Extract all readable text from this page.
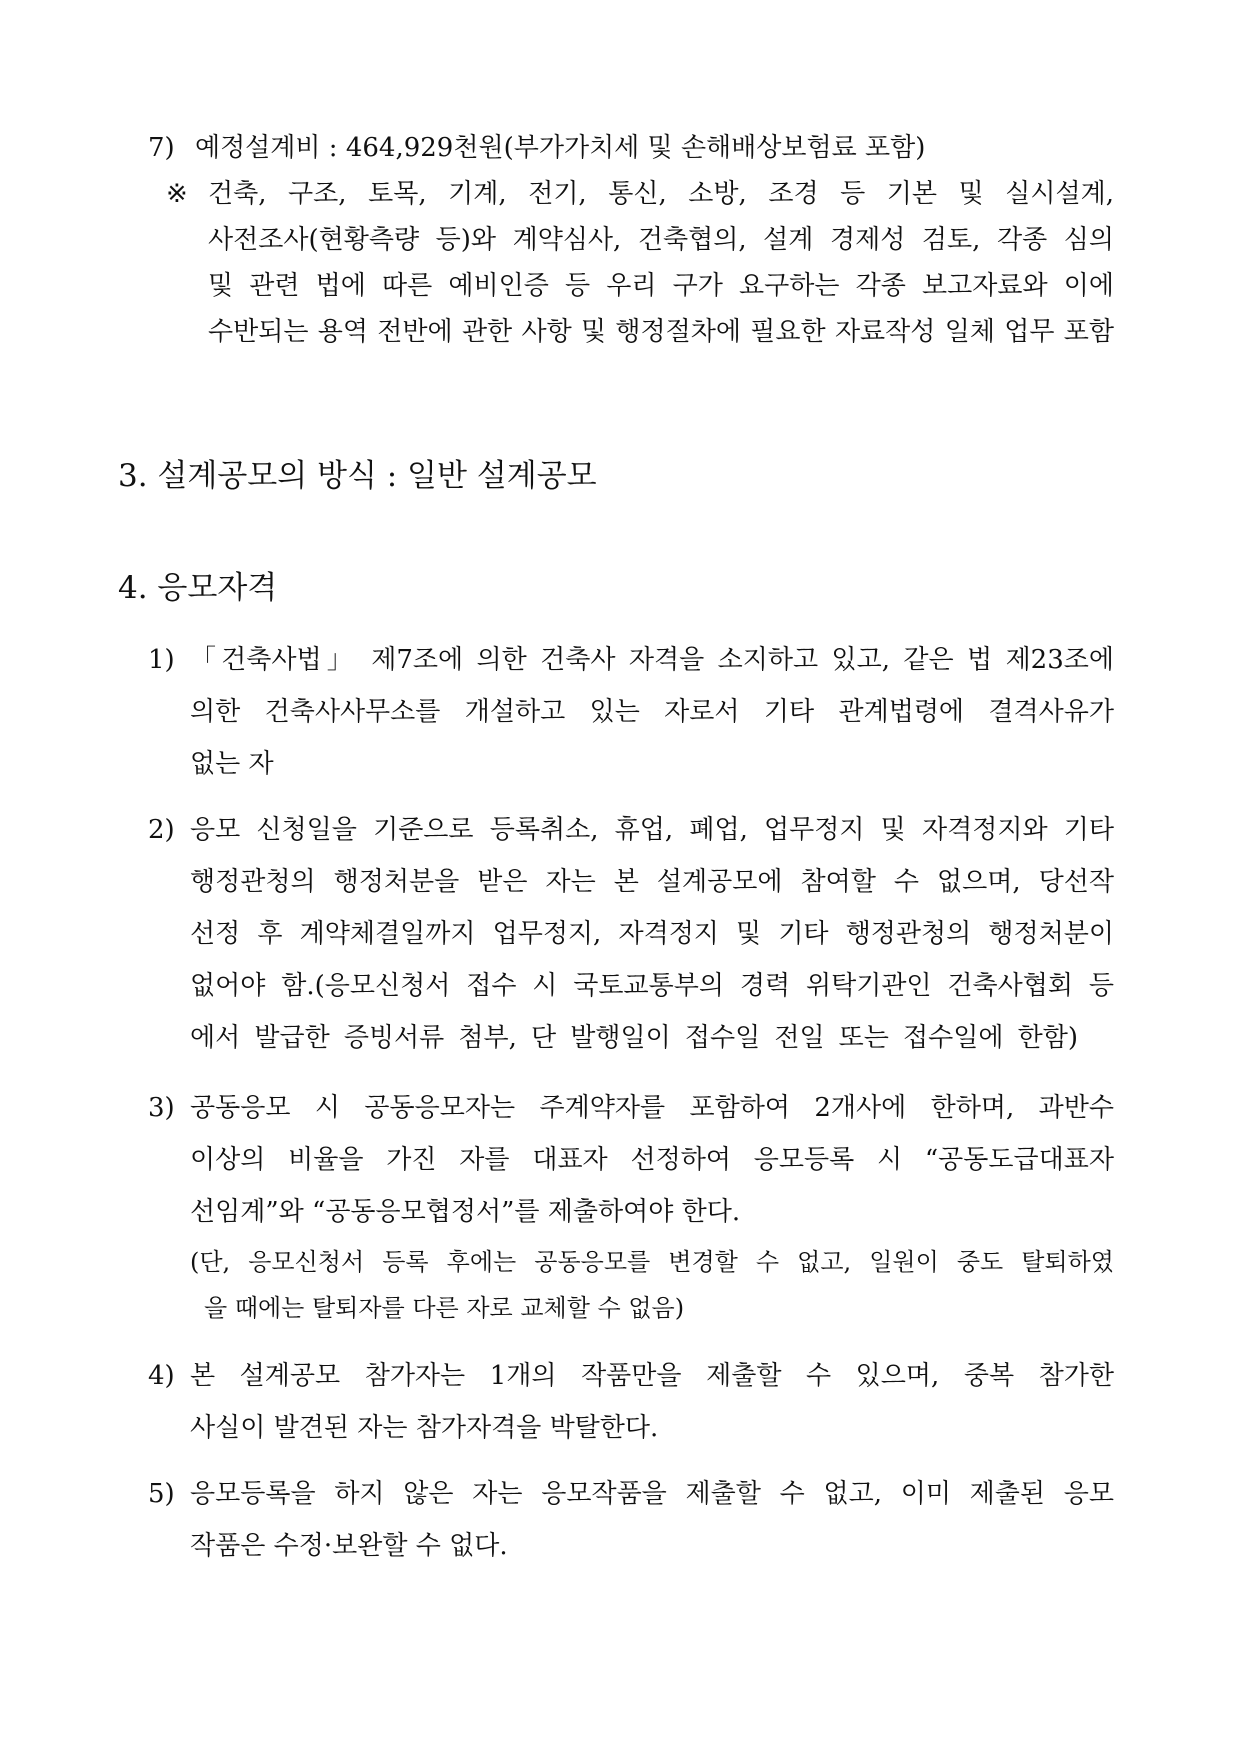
7) 예정설계비 : 464,929천원(부가가치세 및 손해배상보험료 포함)
※ 건축, 구조, 토목, 기계, 전기, 통신, 소방, 조경 등 기본 및 실시설계,
사전조사(현황측량 등)와 계약심사, 건축협의, 설계 경제성 검토, 각종 심의
및 관련 법에 따른 예비인증 등 우리 구가 요구하는 각종 보고자료와 이에
수반되는 용역 전반에 관한 사항 및 행정절차에 필요한 자료작성 일체 업무 포함
3. 설계공모의 방식 : 일반 설계공모
4. 응모자격
1) 「건축사법」 제7조에 의한 건축사 자격을 소지하고 있고, 같은 법 제23조에
의한 건축사사무소를 개설하고 있는 자로서 기타 관계법령에 결격사유가
없는 자
2) 응모 신청일을 기준으로 등록취소, 휴업, 폐업, 업무정지 및 자격정지와 기타
행정관청의 행정처분을 받은 자는 본 설계공모에 참여할 수 없으며, 당선작
선정 후 계약체결일까지 업무정지, 자격정지 및 기타 행정관청의 행정처분이
없어야 함.(응모신청서 접수 시 국토교통부의 경력 위탁기관인 건축사협회 등
에서 발급한 증빙서류 첨부, 단 발행일이 접수일 전일 또는 접수일에 한함)
3) 공동응모 시 공동응모자는 주계약자를 포함하여 2개사에 한하며, 과반수
이상의 비율을 가진 자를 대표자 선정하여 응모등록 시 “공동도급대표자
선임계”와 “공동응모협정서”를 제출하여야 한다.
(단, 응모신청서 등록 후에는 공동응모를 변경할 수 없고, 일원이 중도 탈퇴하였
을 때에는 탈퇴자를 다른 자로 교체할 수 없음)
4) 본 설계공모 참가자는 1개의 작품만을 제출할 수 있으며, 중복 참가한
사실이 발견된 자는 참가자격을 박탈한다.
5) 응모등록을 하지 않은 자는 응모작품을 제출할 수 없고, 이미 제출된 응모
작품은 수정·보완할 수 없다.
